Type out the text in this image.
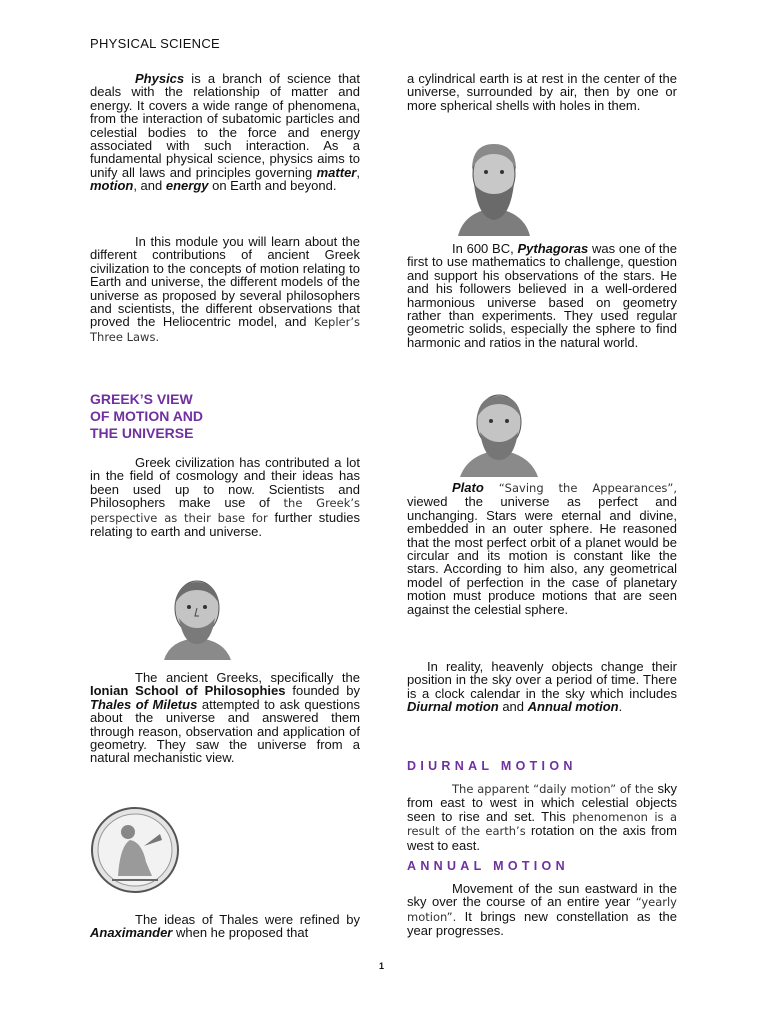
PHYSICAL SCIENCE

Physics is a branch of science that deals with the relationship of matter and energy. It covers a wide range of phenomena, from the interaction of subatomic particles and celestial bodies to the force and energy associated with such interaction. As a fundamental physical science, physics aims to unify all laws and principles governing matter, motion, and energy on Earth and beyond.

In this module you will learn about the different contributions of ancient Greek civilization to the concepts of motion relating to Earth and universe, the different models of the universe as proposed by several philosophers and scientists, the different observations that proved the Heliocentric model, and Kepler’s Three Laws.

GREEK’S VIEW
OF MOTION AND
THE UNIVERSE

Greek civilization has contributed a lot in the field of cosmology and their ideas has been used up to now. Scientists and Philosophers make use of the Greek’s perspective as their base for further studies relating to earth and universe.

The ancient Greeks, specifically the Ionian School of Philosophies founded by Thales of Miletus attempted to ask questions about the universe and answered them through reason, observation and application of geometry. They saw the universe from a natural mechanistic view.

The ideas of Thales were refined by Anaximander when he proposed that

a cylindrical earth is at rest in the center of the universe, surrounded by air, then by one or more spherical shells with holes in them.

In 600 BC, Pythagoras was one of the first to use mathematics to challenge, question and support his observations of the stars. He and his followers believed in a well-ordered harmonious universe based on geometry rather than experiments. They used regular geometric solids, especially the sphere to find harmonic and ratios in the natural world.

Plato “Saving the Appearances”, viewed the universe as perfect and unchanging. Stars were eternal and divine, embedded in an outer sphere. He reasoned that the most perfect orbit of a planet would be circular and its motion is constant like the stars. According to him also, any geometrical model of perfection in the case of planetary motion must produce motions that are seen against the celestial sphere.

In reality, heavenly objects change their position in the sky over a period of time. There is a clock calendar in the sky which includes Diurnal motion and Annual motion.

DIURNAL MOTION

The apparent “daily motion” of the sky from east to west in which celestial objects seen to rise and set. This phenomenon is a result of the earth’s rotation on the axis from west to east.

ANNUAL MOTION

Movement of the sun eastward in the sky over the course of an entire year “yearly motion”. It brings new constellation as the year progresses.

1
